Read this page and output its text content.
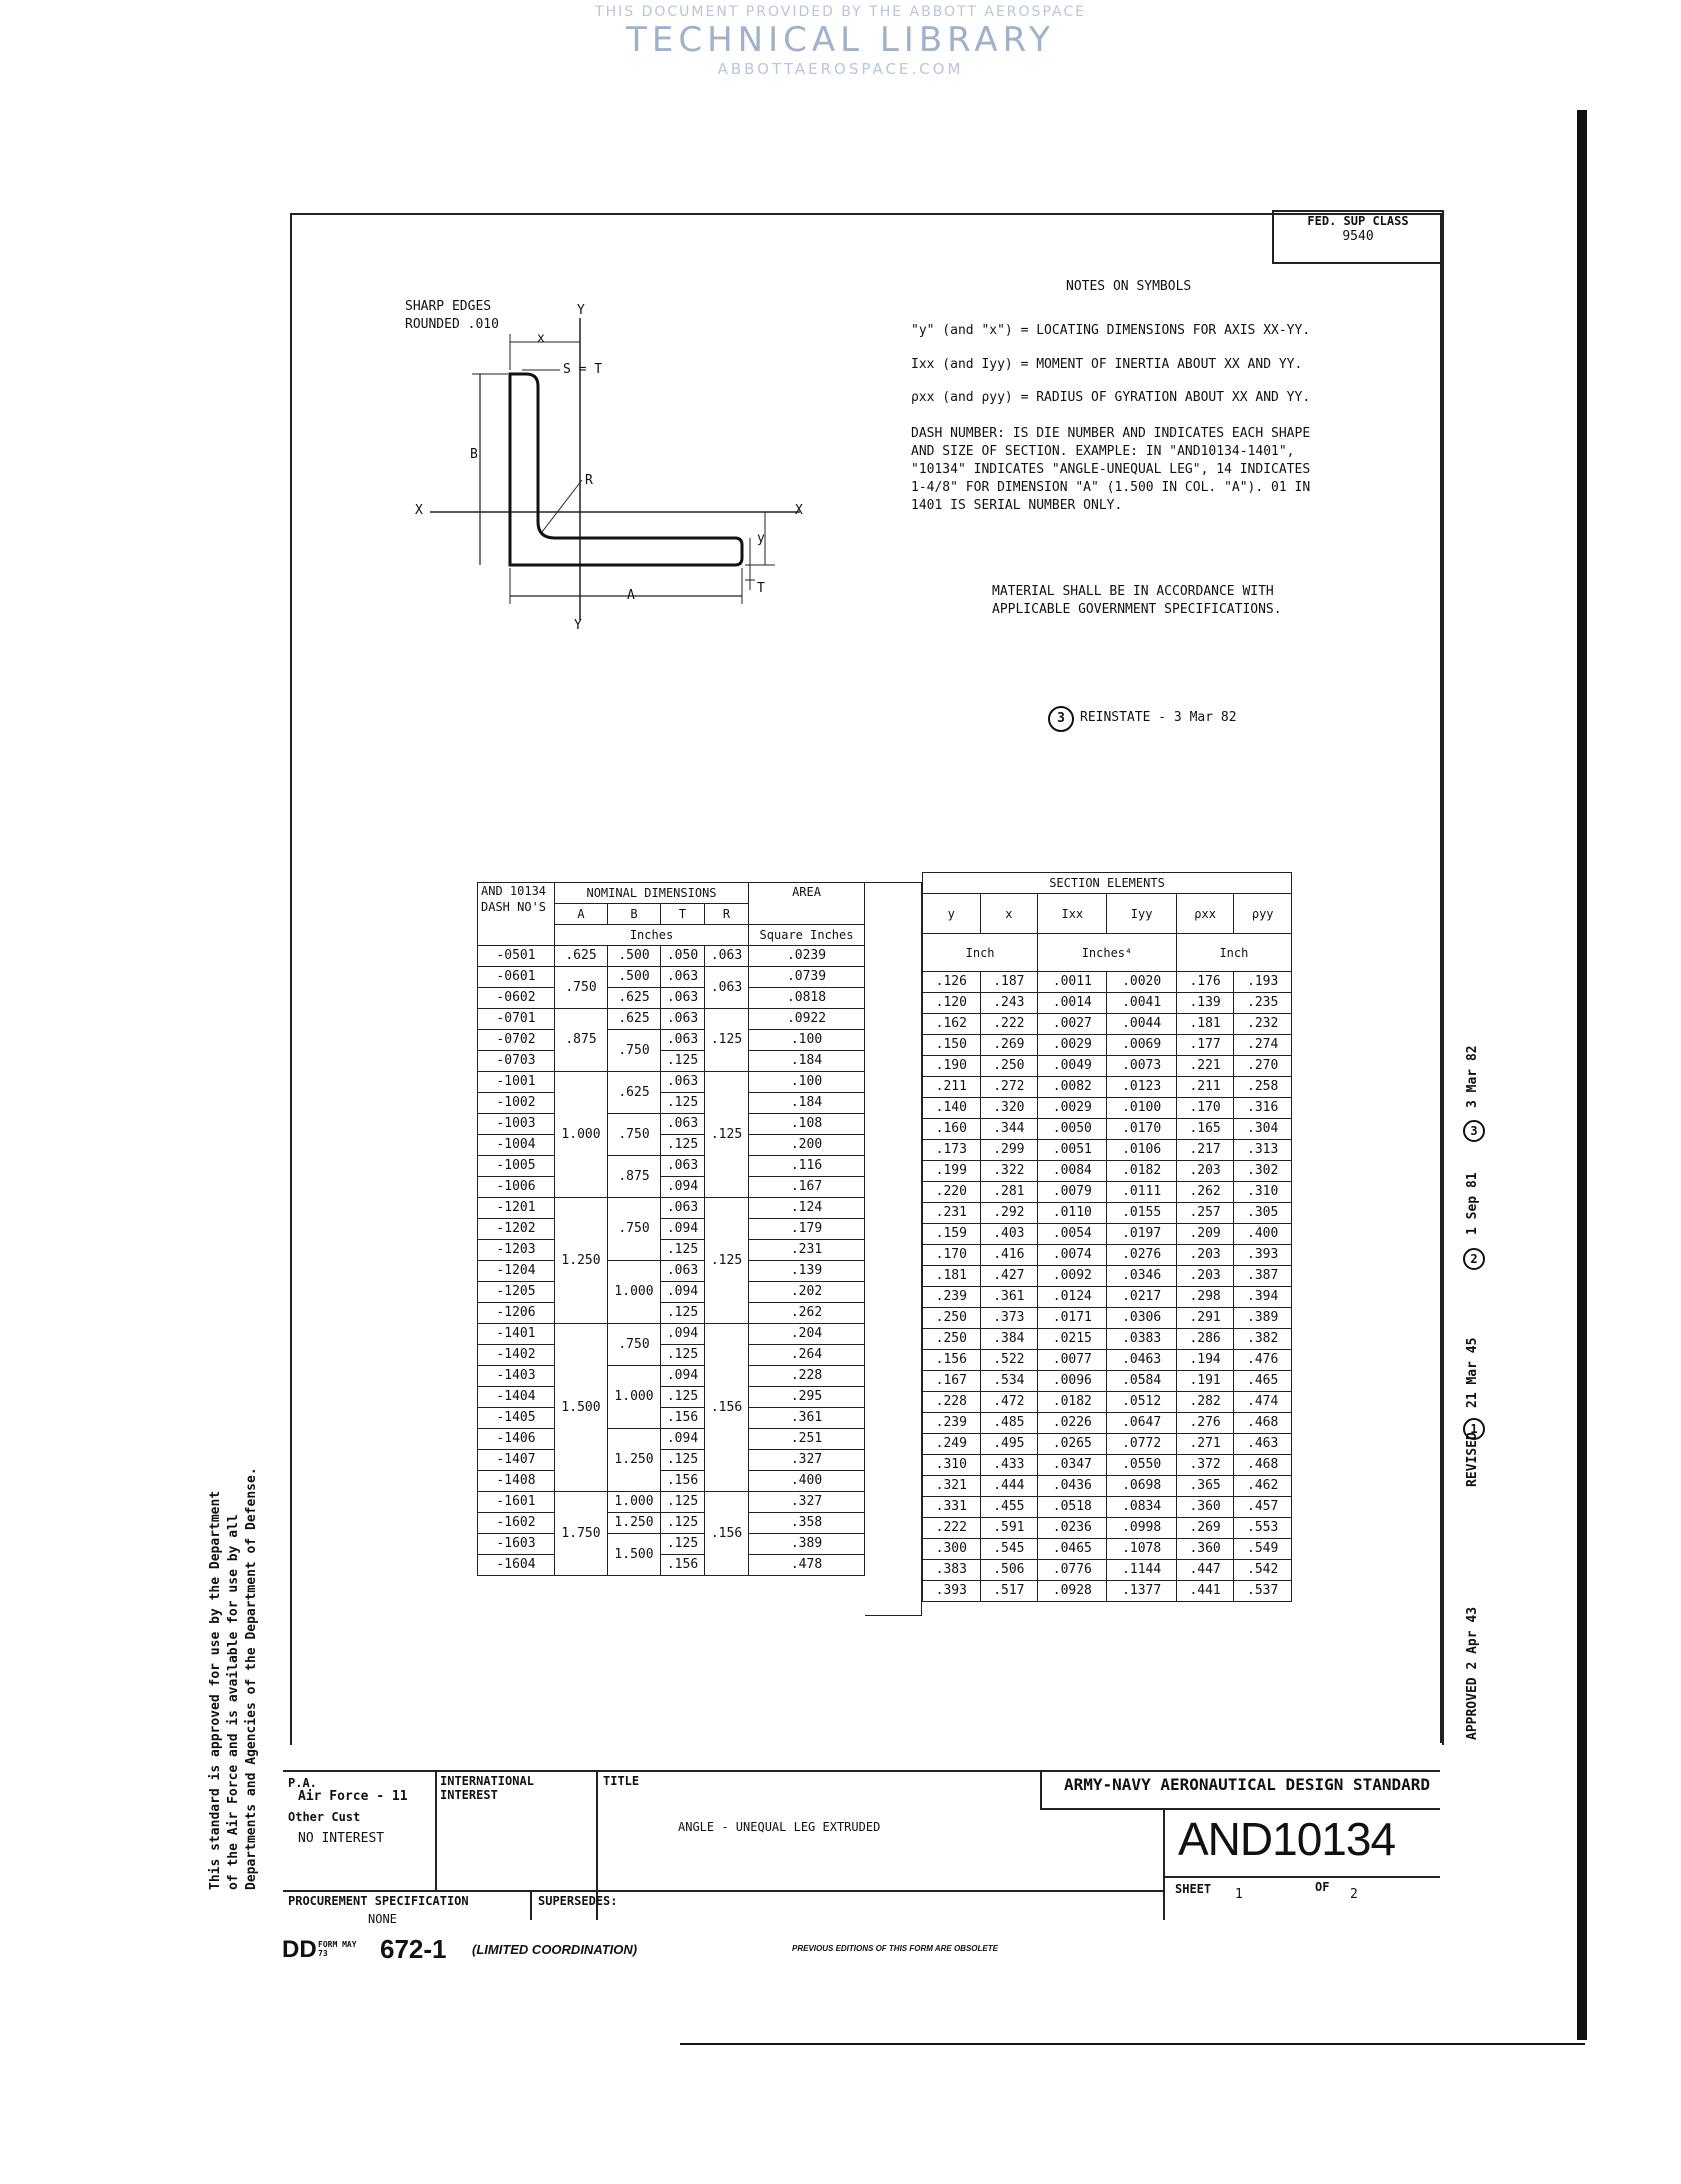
THIS DOCUMENT PROVIDED BY THE ABBOTT AEROSPACE
TECHNICAL LIBRARY
ABBOTTAEROSPACE.COM
FED. SUP CLASS
9540
SHARP EDGES
ROUNDED .010
S = T
R
X	X
Y
Y
B
A	T
y
x
NOTES ON SYMBOLS
"y" (and "x") = LOCATING DIMENSIONS FOR AXIS XX-YY.
Ixx (and Iyy) = MOMENT OF INERTIA ABOUT XX AND YY.
ρxx (and ρyy) = RADIUS OF GYRATION ABOUT XX AND YY.
DASH NUMBER: IS DIE NUMBER AND INDICATES EACH SHAPE
AND SIZE OF SECTION. EXAMPLE: IN "AND10134-1401",
"10134" INDICATES "ANGLE-UNEQUAL LEG", 14 INDICATES
1-4/8" FOR DIMENSION "A" (1.500 IN COL. "A"). 01 IN
1401 IS SERIAL NUMBER ONLY.
MATERIAL SHALL BE IN ACCORDANCE WITH
APPLICABLE GOVERNMENT SPECIFICATIONS.
3	REINSTATE - 3 Mar 82
AND 10134 DASH NO'S	NOMINAL DIMENSIONS				AREA
	A	B	T	R	
	Inches				Square Inches
-0501	.625	.500	.050	.063	.0239
-0601	.750	.500	.063	.063	.0739
-0602		.625	.063		.0818
-0701	.875	.625	.063	.125	.0922
-0702		.750	.063		.100
-0703			.125		.184
-1001	1.000	.625	.063	.125	.100
-1002			.125		.184
-1003		.750	.063		.108
-1004			.125		.200
-1005		.875	.063		.116
-1006			.094		.167
-1201	1.250	.750	.063	.125	.124
-1202			.094		.179
-1203			.125		.231
-1204		1.000	.063		.139
-1205			.094		.202
-1206			.125		.262
-1401	1.500	.750	.094	.156	.204
-1402			.125		.264
-1403		1.000	.094		.228
-1404			.125		.295
-1405			.156		.361
-1406		1.250	.094		.251
-1407			.125		.327
-1408			.156		.400
-1601	1.750	1.000	.125	.156	.327
-1602		1.250	.125		.358
-1603		1.500	.125		.389
-1604			.156		.478
SECTION ELEMENTS					
y	x	Ixx	Iyy	ρxx	ρyy
Inch		Inches⁴		Inch	
.126	.187	.0011	.0020	.176	.193
.120	.243	.0014	.0041	.139	.235
.162	.222	.0027	.0044	.181	.232
.150	.269	.0029	.0069	.177	.274
.190	.250	.0049	.0073	.221	.270
.211	.272	.0082	.0123	.211	.258
.140	.320	.0029	.0100	.170	.316
.160	.344	.0050	.0170	.165	.304
.173	.299	.0051	.0106	.217	.313
.199	.322	.0084	.0182	.203	.302
.220	.281	.0079	.0111	.262	.310
.231	.292	.0110	.0155	.257	.305
.159	.403	.0054	.0197	.209	.400
.170	.416	.0074	.0276	.203	.393
.181	.427	.0092	.0346	.203	.387
.239	.361	.0124	.0217	.298	.394
.250	.373	.0171	.0306	.291	.389
.250	.384	.0215	.0383	.286	.382
.156	.522	.0077	.0463	.194	.476
.167	.534	.0096	.0584	.191	.465
.228	.472	.0182	.0512	.282	.474
.239	.485	.0226	.0647	.276	.468
.249	.495	.0265	.0772	.271	.463
.310	.433	.0347	.0550	.372	.468
.321	.444	.0436	.0698	.365	.462
.331	.455	.0518	.0834	.360	.457
.222	.591	.0236	.0998	.269	.553
.300	.545	.0465	.1078	.360	.549
.383	.506	.0776	.1144	.447	.542
.393	.517	.0928	.1377	.441	.537
This standard is approved for use by the Department of the Air Force and is available for use by all Departments and Agencies of the Department of Defense.	APPROVED 2 Apr 43
REVISED
1
21 Mar 45
2
1 Sep 81
3
3 Mar 82
P.A.
Air Force - 11
Other Cust
NO INTEREST
INTERNATIONAL INTEREST
TITLE
ANGLE - UNEQUAL LEG EXTRUDED
ARMY-NAVY AERONAUTICAL DESIGN STANDARD
AND10134
SHEET 1	OF 2
PROCUREMENT SPECIFICATION
NONE
SUPERSEDES:
DD FORM MAY 73	672-1 (LIMITED COORDINATION)	PREVIOUS EDITIONS OF THIS FORM ARE OBSOLETE
